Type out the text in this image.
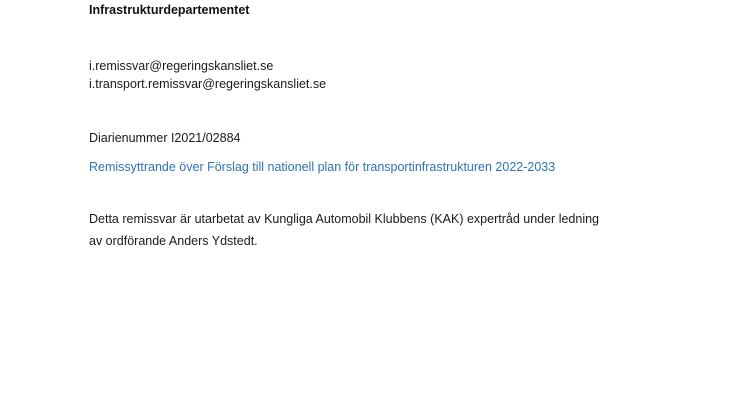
Infrastrukturdepartementet
i.remissvar@regeringskansliet.se
i.transport.remissvar@regeringskansliet.se
Diarienummer I2021/02884
Remissyttrande över Förslag till nationell plan för transportinfrastrukturen 2022-2033
Detta remissvar är utarbetat av Kungliga Automobil Klubbens (KAK) expertråd under ledning
av ordförande Anders Ydstedt.
